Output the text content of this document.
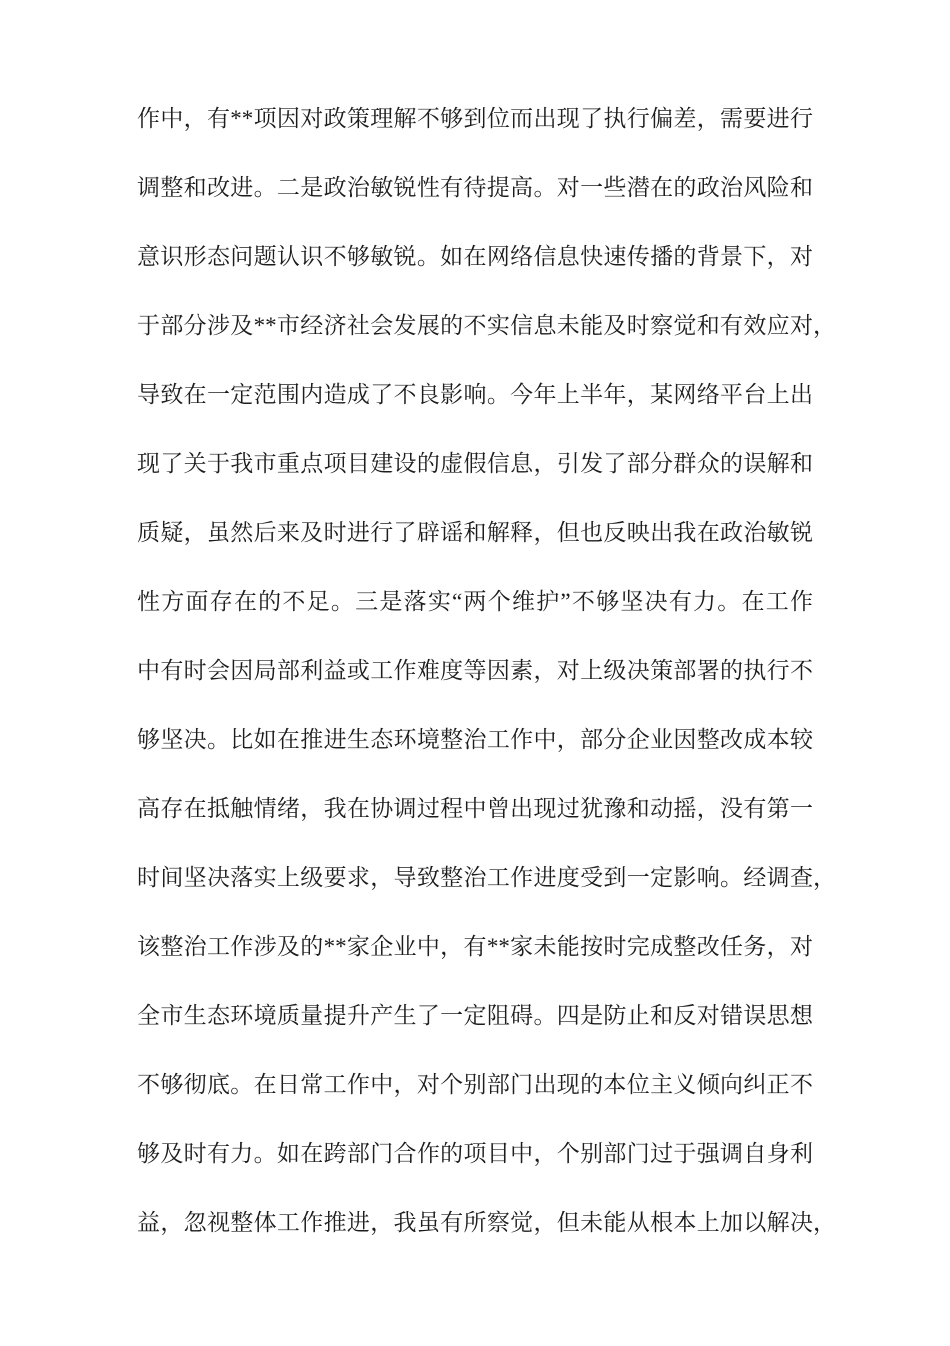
作中，有**项因对政策理解不够到位而出现了执行偏差，需要进行
调整和改进。二是政治敏锐性有待提高。对一些潜在的政治风险和
意识形态问题认识不够敏锐。如在网络信息快速传播的背景下，对
于部分涉及**市经济社会发展的不实信息未能及时察觉和有效应对 ，
导致在一定范围内造成了不良影响。今年上半年，某网络平台上出
现了关于我市重点项目建设的虚假信息，引发了部分群众的误解和
质疑，虽然后来及时进行了辟谣和解释，但也反映出我在政治敏锐
性方面存在的不足。三是落实“两个维护”不够坚决有力。在工作
中有时会因局部利益或工作难度等因素，对上级决策部署的执行不
够坚决。比如在推进生态环境整治工作中，部分企业因整改成本较
高存在抵触情绪，我在协调过程中曾出现过犹豫和动摇，没有第一
时间坚决落实上级要求，导致整治工作进度受到一定影响。经调查 ，
该整治工作涉及的**家企业中，有**家未能按时完成整改任务，对
全市生态环境质量提升产生了一定阻碍。四是防止和反对错误思想
不够彻底。在日常工作中，对个别部门出现的本位主义倾向纠正不
够及时有力。如在跨部门合作的项目中，个别部门过于强调自身利
益，忽视整体工作推进，我虽有所察觉，但未能从根本上加以解决 ，
